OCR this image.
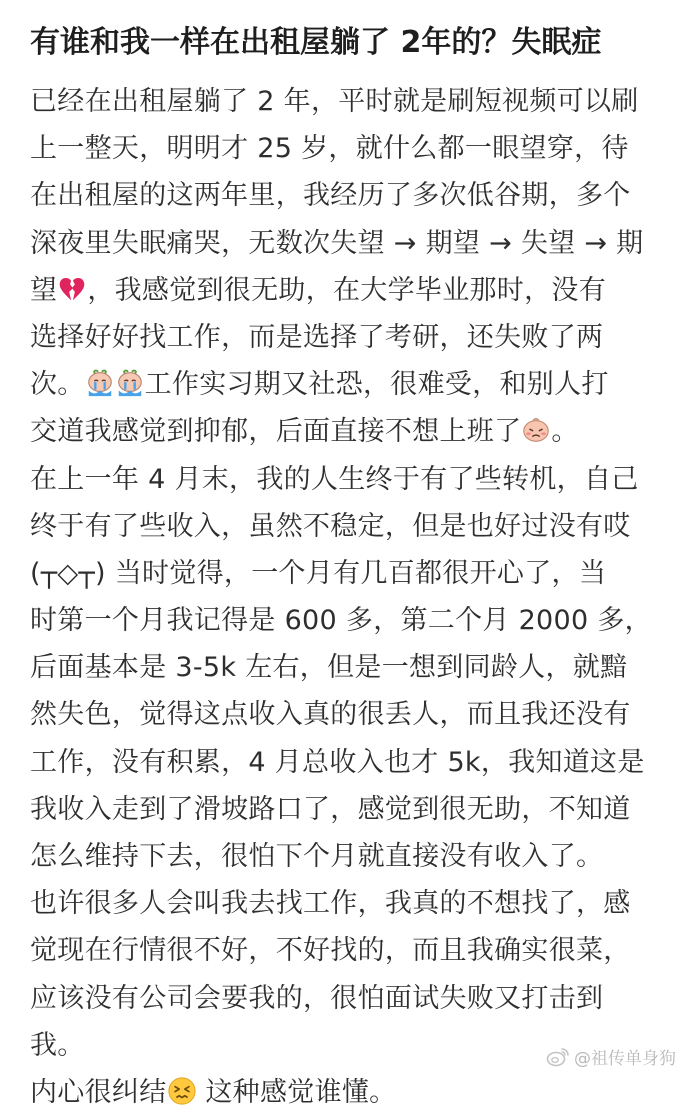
有谁和我一样在出租屋躺了 2年的？失眠症
已经在出租屋躺了 2 年，平时就是刷短视频可以刷
上一整天，明明才 25 岁，就什么都一眼望穿，待
在出租屋的这两年里，我经历了多次低谷期，多个
深夜里失眠痛哭，无数次失望 → 期望 → 失望 → 期
望 ，我感觉到很无助，在大学毕业那时，没有
选择好好找工作，而是选择了考研，还失败了两
次。 工作实习期又社恐，很难受，和别人打
交道我感觉到抑郁，后面直接不想上班了 。
在上一年 4 月末，我的人生终于有了些转机，自己
终于有了些收入，虽然不稳定，但是也好过没有哎
(┬◇┬) 当时觉得，一个月有几百都很开心了，当
时第一个月我记得是 600 多，第二个月 2000 多，
后面基本是 3-5k 左右，但是一想到同龄人，就黯
然失色，觉得这点收入真的很丢人，而且我还没有
工作，没有积累，4 月总收入也才 5k，我知道这是
我收入走到了滑坡路口了，感觉到很无助，不知道
怎么维持下去，很怕下个月就直接没有收入了。
也许很多人会叫我去找工作，我真的不想找了，感
觉现在行情很不好，不好找的，而且我确实很菜，
应该没有公司会要我的，很怕面试失败又打击到
我。
内心很纠结
这种感觉谁懂。
@祖传单身狗
